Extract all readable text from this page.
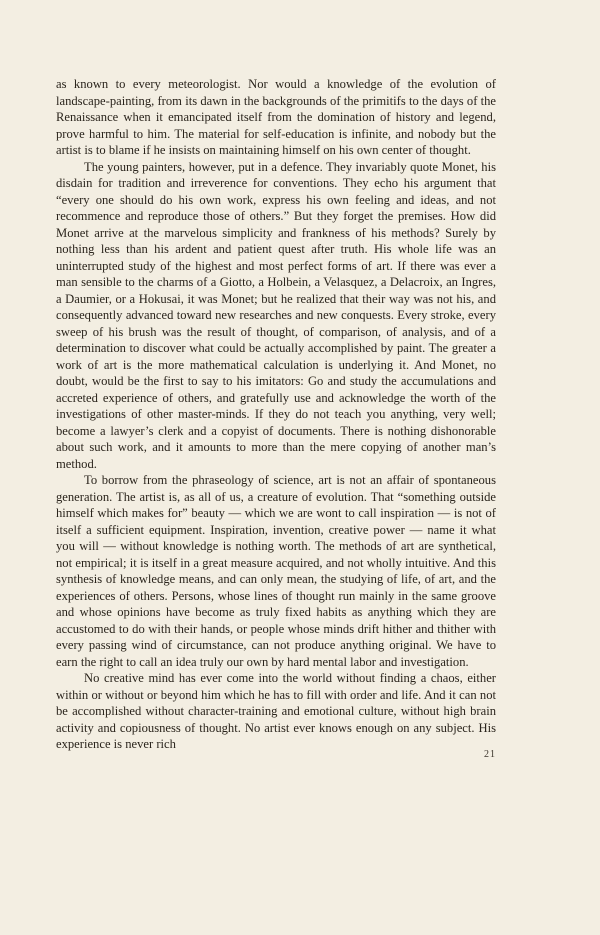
as known to every meteorologist. Nor would a knowledge of the evolution of landscape-painting, from its dawn in the backgrounds of the primitifs to the days of the Renaissance when it emancipated itself from the domination of history and legend, prove harmful to him. The material for self-education is infinite, and nobody but the artist is to blame if he insists on maintaining himself on his own center of thought.

The young painters, however, put in a defence. They invariably quote Monet, his disdain for tradition and irreverence for conventions. They echo his argument that “every one should do his own work, express his own feeling and ideas, and not recommence and reproduce those of others.” But they forget the premises. How did Monet arrive at the marvelous simplicity and frankness of his methods? Surely by nothing less than his ardent and patient quest after truth. His whole life was an uninterrupted study of the highest and most perfect forms of art. If there was ever a man sensible to the charms of a Giotto, a Holbein, a Velasquez, a Delacroix, an Ingres, a Daumier, or a Hokusai, it was Monet; but he realized that their way was not his, and consequently advanced toward new researches and new conquests. Every stroke, every sweep of his brush was the result of thought, of comparison, of analysis, and of a determination to discover what could be actually accomplished by paint. The greater a work of art is the more mathematical calculation is underlying it. And Monet, no doubt, would be the first to say to his imitators: Go and study the accumulations and accreted experience of others, and gratefully use and acknowledge the worth of the investigations of other master-minds. If they do not teach you anything, very well; become a lawyer’s clerk and a copyist of documents. There is nothing dishonorable about such work, and it amounts to more than the mere copying of another man’s method.

To borrow from the phraseology of science, art is not an affair of spontaneous generation. The artist is, as all of us, a creature of evolution. That “something outside himself which makes for” beauty — which we are wont to call inspiration — is not of itself a sufficient equipment. Inspiration, invention, creative power — name it what you will — without knowledge is nothing worth. The methods of art are synthetical, not empirical; it is itself in a great measure acquired, and not wholly intuitive. And this synthesis of knowledge means, and can only mean, the studying of life, of art, and the experiences of others. Persons, whose lines of thought run mainly in the same groove and whose opinions have become as truly fixed habits as anything which they are accustomed to do with their hands, or people whose minds drift hither and thither with every passing wind of circumstance, can not produce anything original. We have to earn the right to call an idea truly our own by hard mental labor and investigation.

No creative mind has ever come into the world without finding a chaos, either within or without or beyond him which he has to fill with order and life. And it can not be accomplished without character-training and emotional culture, without high brain activity and copiousness of thought. No artist ever knows enough on any subject. His experience is never rich

21
